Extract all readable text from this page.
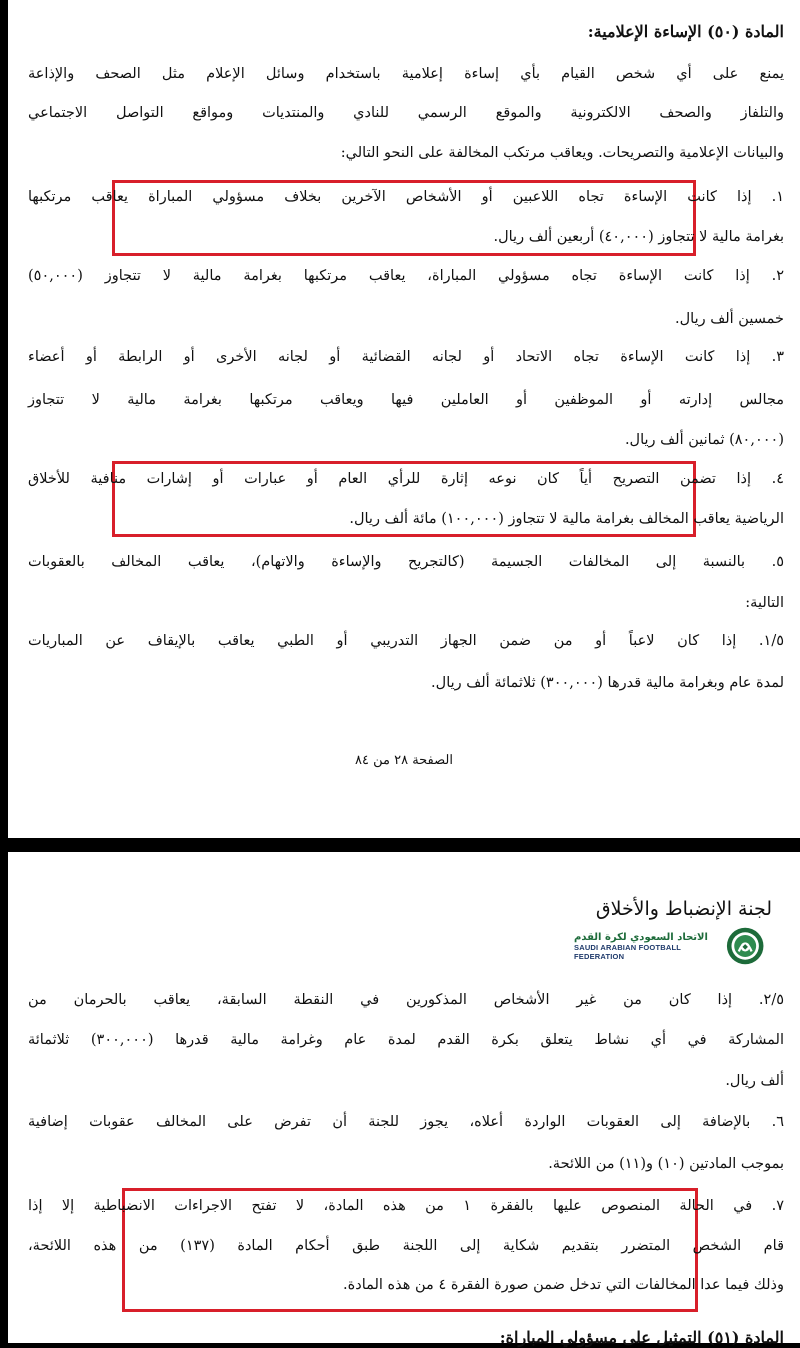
المادة (٥٠) الإساءة الإعلامية:
يمنع على أي شخص القيام بأي إساءة إعلامية باستخدام وسائل الإعلام مثل الصحف والإذاعة
والتلفاز والصحف الالكترونية والموقع الرسمي للنادي والمنتديات ومواقع التواصل الاجتماعي
والبيانات الإعلامية والتصريحات. ويعاقب مرتكب المخالفة على النحو التالي:
١. إذا كانت الإساءة تجاه اللاعبين أو الأشخاص الآخرين بخلاف مسؤولي المباراة يعاقب مرتكبها
بغرامة مالية لا تتجاوز (٤٠,٠٠٠) أربعين ألف ريال.
٢. إذا كانت الإساءة تجاه مسؤولي المباراة، يعاقب مرتكبها بغرامة مالية لا تتجاوز (٥٠,٠٠٠)
خمسين ألف ريال.
٣. إذا كانت الإساءة تجاه الاتحاد أو لجانه القضائية أو لجانه الأخرى أو الرابطة أو أعضاء
مجالس إدارته أو الموظفين أو العاملين فيها ويعاقب مرتكبها بغرامة مالية لا تتجاوز
(٨٠,٠٠٠) ثمانين ألف ريال.
٤. إذا تضمن التصريح أياً كان نوعه إثارة للرأي العام أو عبارات أو إشارات منافية للأخلاق
الرياضية يعاقب المخالف بغرامة مالية لا تتجاوز (١٠٠,٠٠٠) مائة ألف ريال.
٥. بالنسبة إلى المخالفات الجسيمة (كالتجريح والإساءة والاتهام)، يعاقب المخالف بالعقوبات
التالية:
١/٥. إذا كان لاعباً أو من ضمن الجهاز التدريبي أو الطبي يعاقب بالإيقاف عن المباريات
لمدة عام وبغرامة مالية قدرها (٣٠٠,٠٠٠) ثلاثمائة ألف ريال.
الصفحة ٢٨ من ٨٤
لجنة الإنضباط والأخلاق
الاتحاد السعودي لكرة القدم
SAUDI ARABIAN FOOTBALL FEDERATION
٢/٥. إذا كان من غير الأشخاص المذكورين في النقطة السابقة، يعاقب بالحرمان من
المشاركة في أي نشاط يتعلق بكرة القدم لمدة عام وغرامة مالية قدرها (٣٠٠,٠٠٠) ثلاثمائة
ألف ريال.
٦. بالإضافة إلى العقوبات الواردة أعلاه، يجوز للجنة أن تفرض على المخالف عقوبات إضافية
بموجب المادتين (١٠) و(١١) من اللائحة.
٧. في الحالة المنصوص عليها بالفقرة ١ من هذه المادة، لا تفتح الاجراءات الانضباطية إلا إذا
قام الشخص المتضرر بتقديم شكاية إلى اللجنة طبق أحكام المادة (١٣٧) من هذه اللائحة،
وذلك فيما عدا المخالفات التي تدخل ضمن صورة الفقرة ٤ من هذه المادة.
المادة (٥١) التمثيل على مسؤولي المباراة:
